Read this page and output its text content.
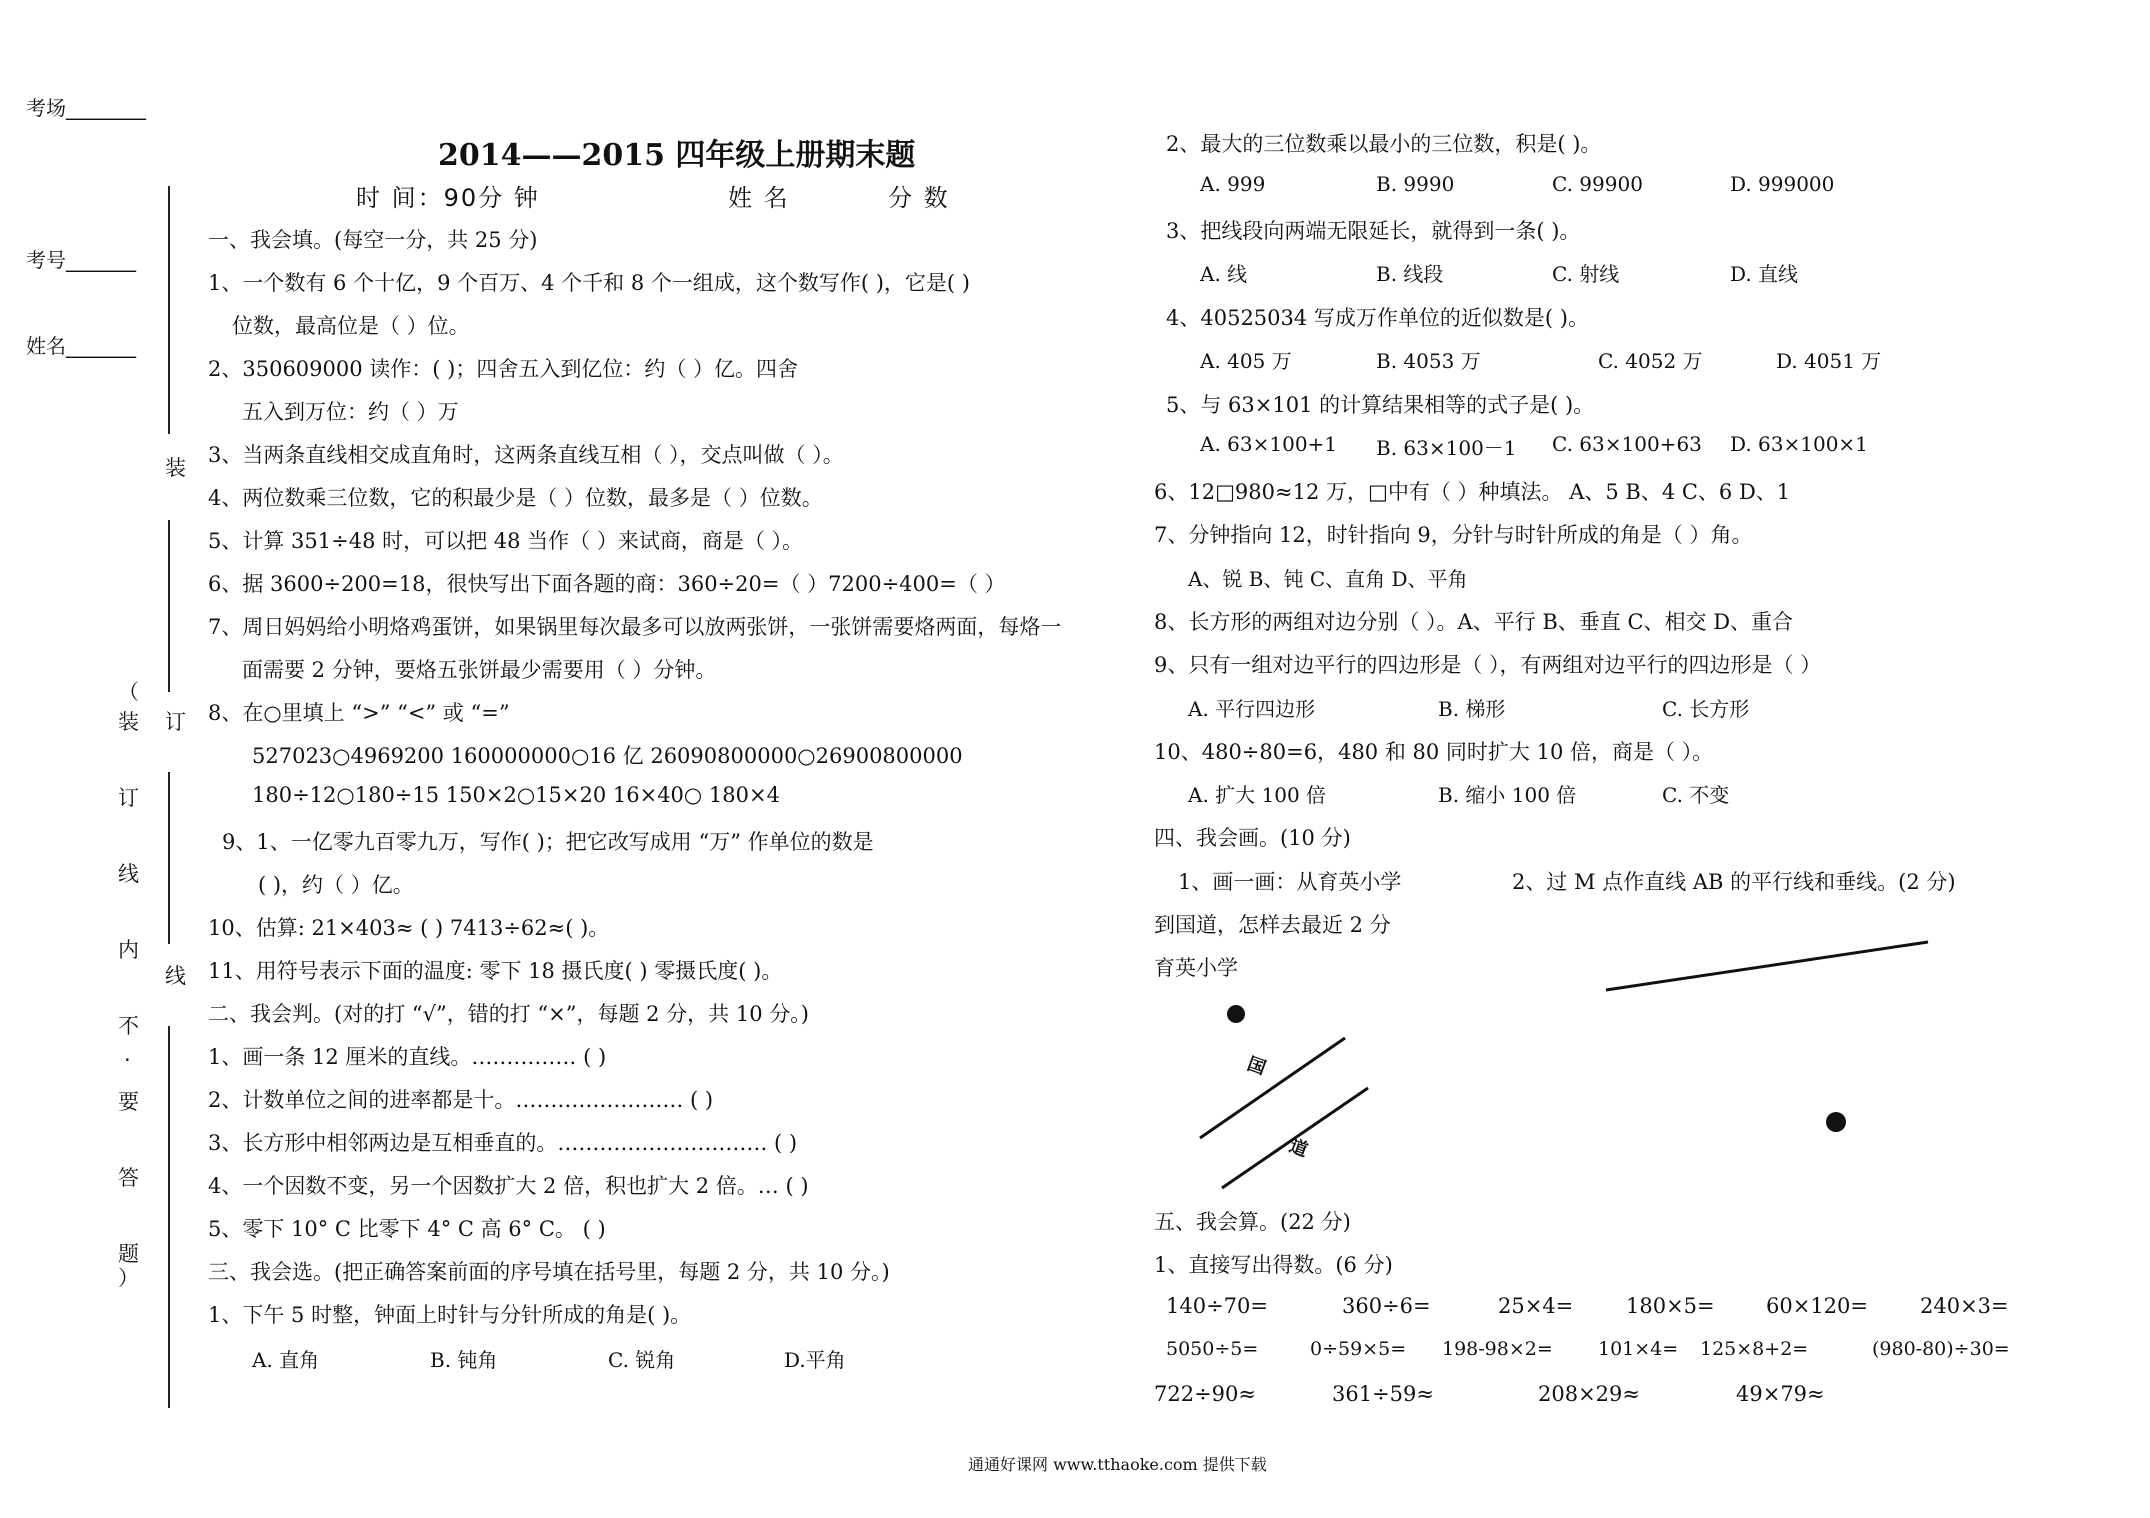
考场________
考号_______
姓名_______
装
订
线
（
装
订
线
内
不
.
要
答
题
）
2014——2015 四年级上册期末题
时 间：90分 钟	姓 名	分 数
一、我会填。(每空一分，共 25 分)
1、一个数有 6 个十亿，9 个百万、4 个千和 8 个一组成，这个数写作( )，它是( )
位数，最高位是（ ）位。
2、350609000 读作：( )；四舍五入到亿位：约（ ）亿。四舍
五入到万位：约（ ）万
3、当两条直线相交成直角时，这两条直线互相（ ），交点叫做（ ）。
4、两位数乘三位数，它的积最少是（ ）位数，最多是（ ）位数。
5、计算 351÷48 时，可以把 48 当作（ ）来试商，商是（ ）。
6、据 3600÷200=18，很快写出下面各题的商：360÷20=（ ）7200÷400=（ ）
7、周日妈妈给小明烙鸡蛋饼，如果锅里每次最多可以放两张饼，一张饼需要烙两面，每烙一
面需要 2 分钟，要烙五张饼最少需要用（ ）分钟。
8、在○里填上 “>” “<” 或 “=”
527023○4969200 160000000○16 亿 26090800000○26900800000
180÷12○180÷15 150×2○15×20 16×40○ 180×4
9、1、一亿零九百零九万，写作( )；把它改写成用 “万” 作单位的数是
( )，约（ ）亿。
10、估算: 21×403≈ ( ) 7413÷62≈( )。
11、用符号表示下面的温度: 零下 18 摄氏度( ) 零摄氏度( )。
二、我会判。(对的打 “√”，错的打 “×”，每题 2 分，共 10 分。)
1、画一条 12 厘米的直线。…………… ( )
2、计数单位之间的进率都是十。…………………… ( )
3、长方形中相邻两边是互相垂直的。………………………… ( )
4、一个因数不变，另一个因数扩大 2 倍，积也扩大 2 倍。… ( )
5、零下 10° C 比零下 4° C 高 6° C。 ( )
三、我会选。(把正确答案前面的序号填在括号里，每题 2 分，共 10 分。)
1、下午 5 时整，钟面上时针与分针所成的角是( )。
A. 直角	B. 钝角	C. 锐角	D.平角
2、最大的三位数乘以最小的三位数，积是( )。
A. 999	B. 9990	C. 99900	D. 999000
3、把线段向两端无限延长，就得到一条( )。
A. 线	B. 线段	C. 射线	D. 直线
4、40525034 写成万作单位的近似数是( )。
A. 405 万	B. 4053 万	C. 4052 万	D. 4051 万
5、与 63×101 的计算结果相等的式子是( )。
A. 63×100+1 B. 63×100－1 C. 63×100+63 D. 63×100×1
6、12□980≈12 万，□中有（ ）种填法。 A、5 B、4 C、6 D、1
7、分钟指向 12，时针指向 9，分针与时针所成的角是（ ）角。
A、锐 B、钝 C、直角 D、平角
8、长方形的两组对边分别（ ）。A、平行 B、垂直 C、相交 D、重合
9、只有一组对边平行的四边形是（ ），有两组对边平行的四边形是（ ）
A. 平行四边形	B. 梯形	C. 长方形
10、480÷80=6，480 和 80 同时扩大 10 倍，商是（ ）。
A. 扩大 100 倍	B. 缩小 100 倍	C. 不变
四、我会画。(10 分)
1、画一画：从育英小学
到国道，怎样去最近 2 分
2、过 M 点作直线 AB 的平行线和垂线。(2 分)
育英小学
国
道
五、我会算。(22 分)
1、直接写出得数。(6 分)
140÷70=	360÷6=	25×4=	180×5= 60×120= 240×3=
5050÷5=	0÷59×5= 198-98×2= 101×4= 125×8+2=	(980-80)÷30=
722÷90≈	361÷59≈	208×29≈	49×79≈
通通好课网 www.tthaoke.com 提供下载
